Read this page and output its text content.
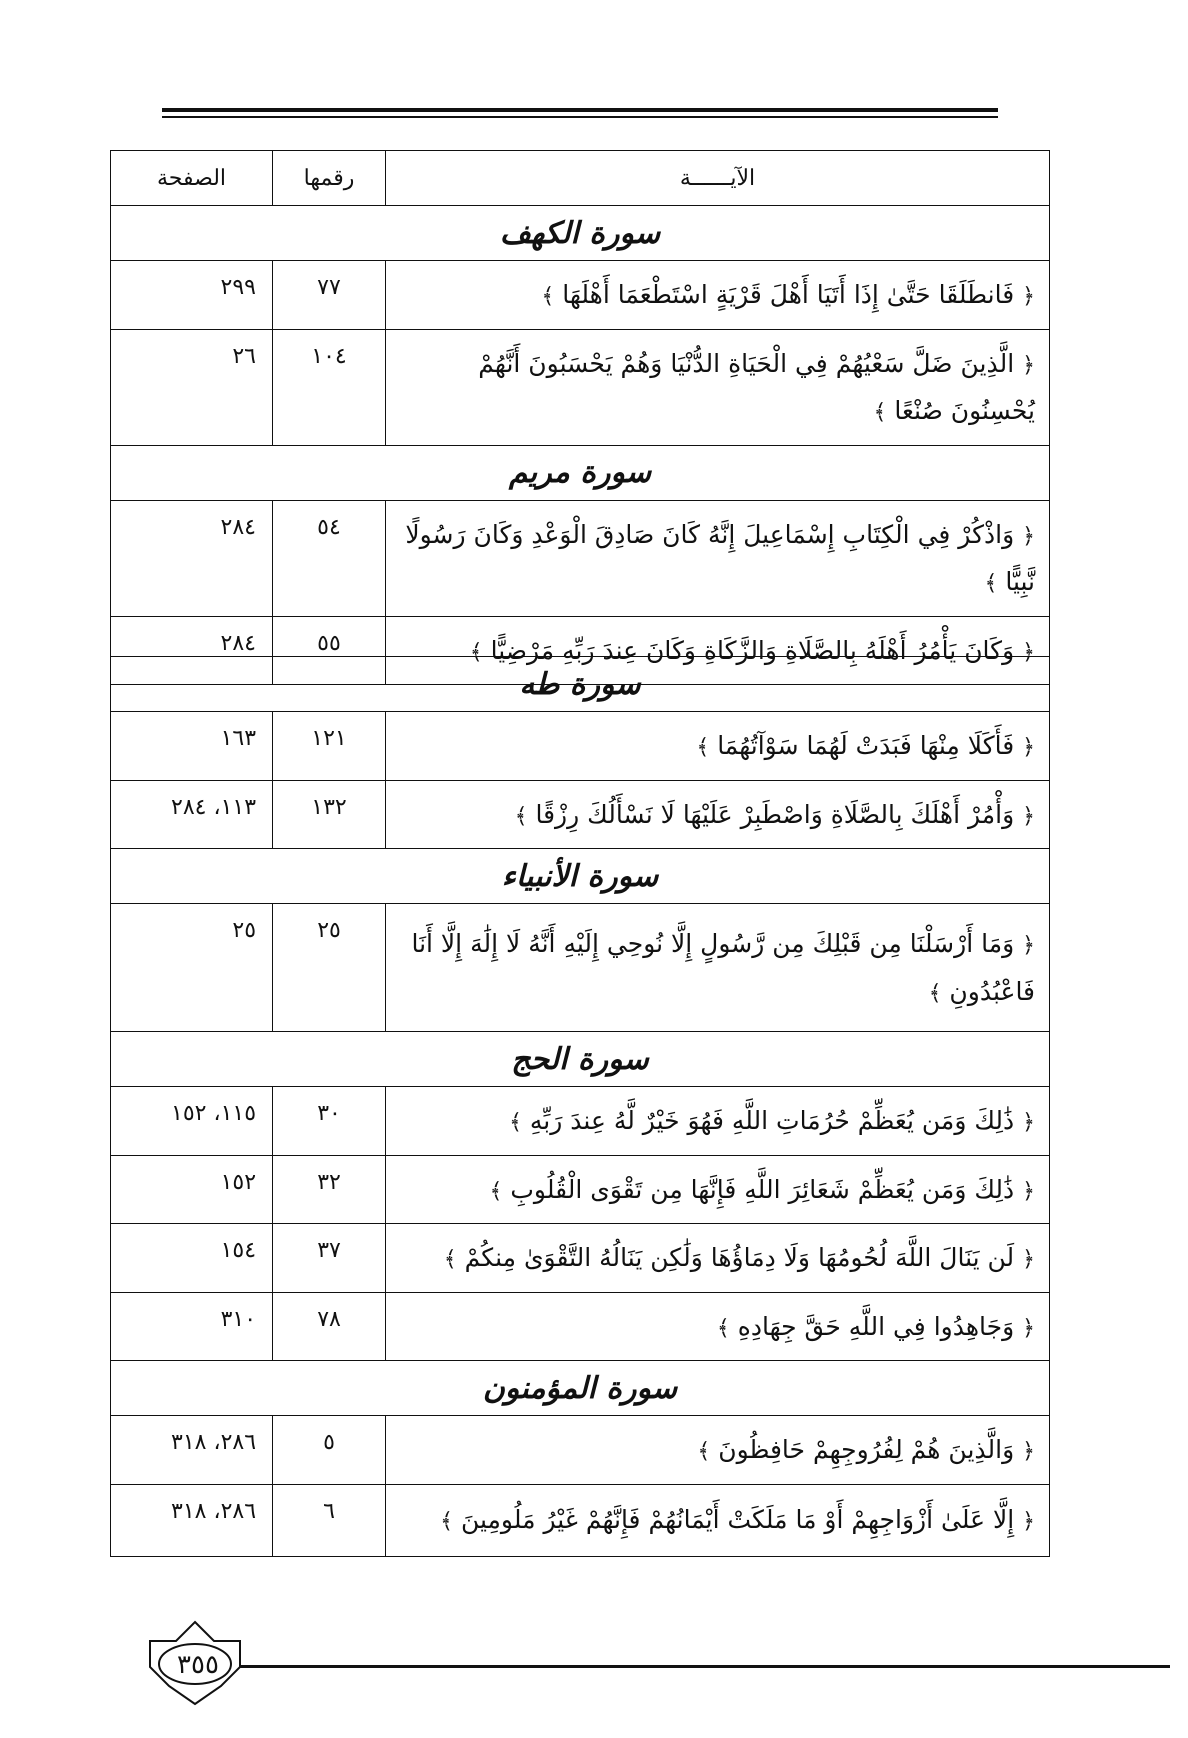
الآيــــــة	رقمها	الصفحة
سورة الكهف		
﴿ فَانطَلَقَا حَتَّىٰ إِذَا أَتَيَا أَهْلَ قَرْيَةٍ اسْتَطْعَمَا أَهْلَهَا ﴾	٧٧	٢٩٩
﴿ الَّذِينَ ضَلَّ سَعْيُهُمْ فِي الْحَيَاةِ الدُّنْيَا وَهُمْ يَحْسَبُونَ أَنَّهُمْ يُحْسِنُونَ صُنْعًا ﴾	١٠٤	٢٦
سورة مريم		
﴿ وَاذْكُرْ فِي الْكِتَابِ إِسْمَاعِيلَ إِنَّهُ كَانَ صَادِقَ الْوَعْدِ وَكَانَ رَسُولًا نَّبِيًّا ﴾	٥٤	٢٨٤
﴿ وَكَانَ يَأْمُرُ أَهْلَهُ بِالصَّلَاةِ وَالزَّكَاةِ وَكَانَ عِندَ رَبِّهِ مَرْضِيًّا ﴾	٥٥	٢٨٤
سورة طه		
﴿ فَأَكَلَا مِنْهَا فَبَدَتْ لَهُمَا سَوْآتُهُمَا ﴾	١٢١	١٦٣
﴿ وَأْمُرْ أَهْلَكَ بِالصَّلَاةِ وَاصْطَبِرْ عَلَيْهَا لَا نَسْأَلُكَ رِزْقًا ﴾	١٣٢	١١٣، ٢٨٤
سورة الأنبياء		
﴿ وَمَا أَرْسَلْنَا مِن قَبْلِكَ مِن رَّسُولٍ إِلَّا نُوحِي إِلَيْهِ أَنَّهُ لَا إِلَٰهَ إِلَّا أَنَا فَاعْبُدُونِ ﴾	٢٥	٢٥
سورة الحج		
﴿ ذَٰلِكَ وَمَن يُعَظِّمْ حُرُمَاتِ اللَّهِ فَهُوَ خَيْرٌ لَّهُ عِندَ رَبِّهِ ﴾	٣٠	١١٥، ١٥٢
﴿ ذَٰلِكَ وَمَن يُعَظِّمْ شَعَائِرَ اللَّهِ فَإِنَّهَا مِن تَقْوَى الْقُلُوبِ ﴾	٣٢	١٥٢
﴿ لَن يَنَالَ اللَّهَ لُحُومُهَا وَلَا دِمَاؤُهَا وَلَٰكِن يَنَالُهُ التَّقْوَىٰ مِنكُمْ ﴾	٣٧	١٥٤
﴿ وَجَاهِدُوا فِي اللَّهِ حَقَّ جِهَادِهِ ﴾	٧٨	٣١٠
سورة المؤمنون		
﴿ وَالَّذِينَ هُمْ لِفُرُوجِهِمْ حَافِظُونَ ﴾	٥	٢٨٦، ٣١٨
﴿ إِلَّا عَلَىٰ أَزْوَاجِهِمْ أَوْ مَا مَلَكَتْ أَيْمَانُهُمْ فَإِنَّهُمْ غَيْرُ مَلُومِينَ ﴾	٦	٢٨٦، ٣١٨
٣٥٥
